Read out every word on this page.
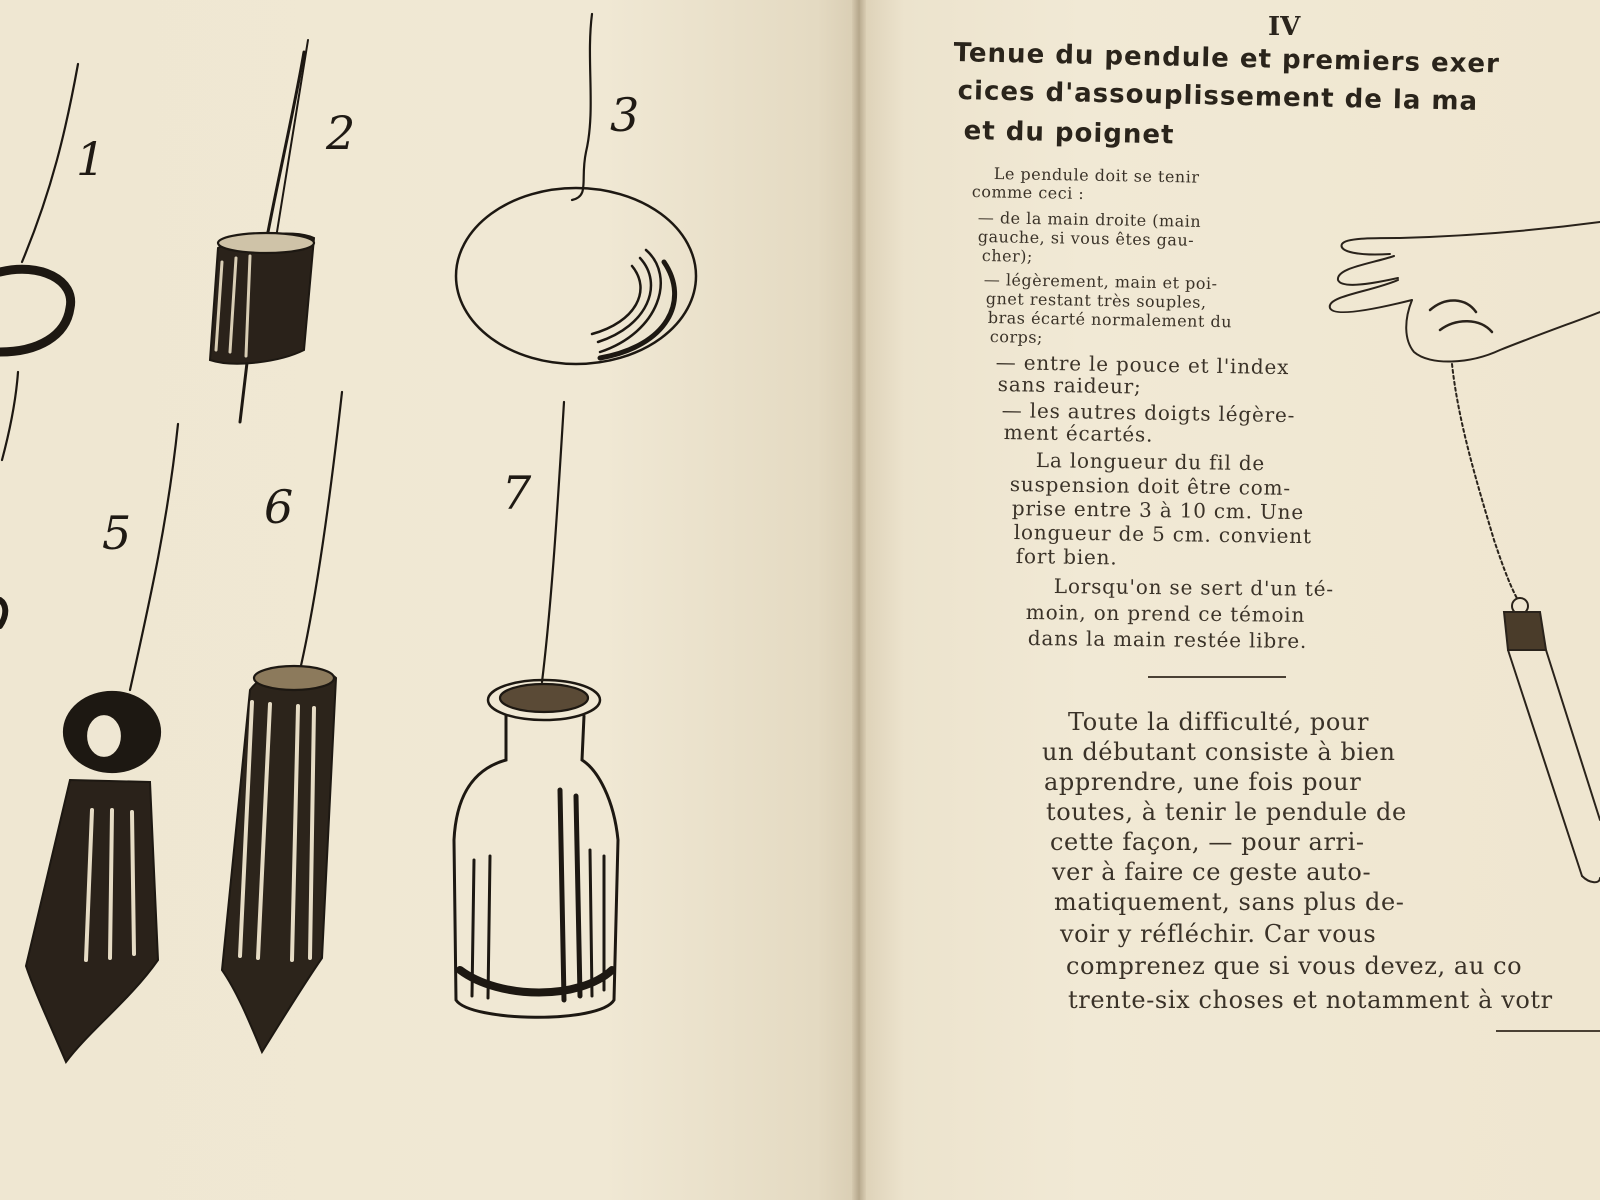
1	2	3
5	6	7
IV
Tenue du pendule et premiers exer
cices d'assouplissement de la ma
et du poignet
Le pendule doit se tenir
comme ceci :
— de la main droite (main
gauche, si vous êtes gau-
cher);
— légèrement, main et poi-
gnet restant très souples,
bras écarté normalement du
corps;
— entre le pouce et l'index
sans raideur;
— les autres doigts légère-
ment écartés.
La longueur du fil de
suspension doit être com-
prise entre 3 à 10 cm. Une
longueur de 5 cm. convient
fort bien.
Lorsqu'on se sert d'un té-
moin, on prend ce témoin
dans la main restée libre.
Toute la difficulté, pour
un débutant consiste à bien
apprendre, une fois pour
toutes, à tenir le pendule de
cette façon, — pour arri-
ver à faire ce geste auto-
matiquement, sans plus de-
voir y réfléchir. Car vous
comprenez que si vous devez, au co
trente-six choses et notamment à votr
